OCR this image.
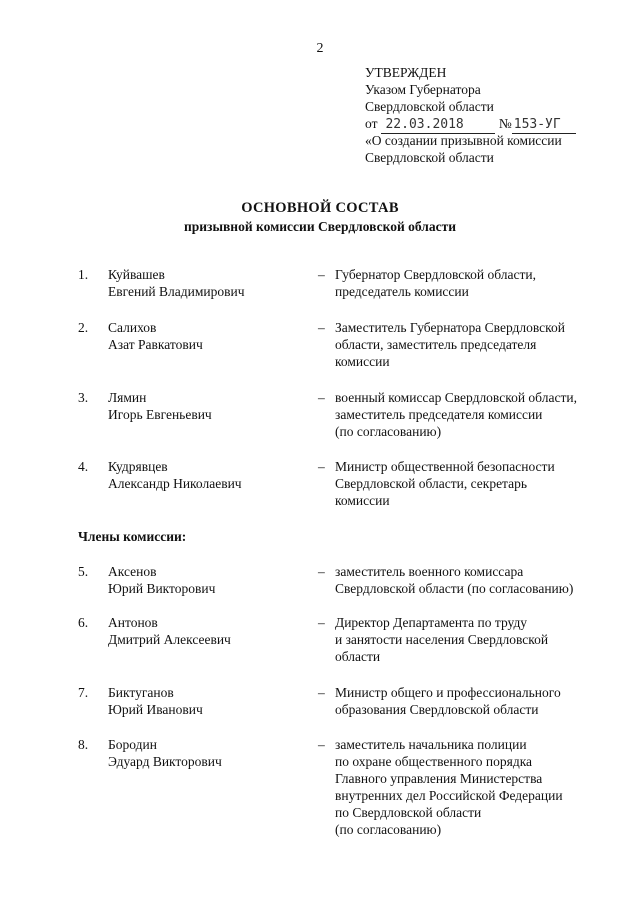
2
УТВЕРЖДЕН
Указом Губернатора
Свердловской области
от 22.03.2018	№ 153-УГ
«О создании призывной комиссии
Свердловской области
ОСНОВНОЙ СОСТАВ
призывной комиссии Свердловской области
1. Куйвашев
Евгений Владимирович
– Губернатор Свердловской области,
председатель комиссии
2. Салихов
Азат Равкатович
– Заместитель Губернатора Свердловской
области, заместитель председателя
комиссии
3. Лямин
Игорь Евгеньевич
– военный комиссар Свердловской области,
заместитель председателя комиссии
(по согласованию)
4. Кудрявцев
Александр Николаевич
– Министр общественной безопасности
Свердловской области, секретарь
комиссии
5. Аксенов
Юрий Викторович
– заместитель военного комиссара
Свердловской области (по согласованию)
6. Антонов
Дмитрий Алексеевич
– Директор Департамента по труду
и занятости населения Свердловской
области
7. Биктуганов
Юрий Иванович
– Министр общего и профессионального
образования Свердловской области
8. Бородин
Эдуард Викторович
– заместитель начальника полиции
по охране общественного порядка
Главного управления Министерства
внутренних дел Российской Федерации
по Свердловской области
(по согласованию)
Члены комиссии:
